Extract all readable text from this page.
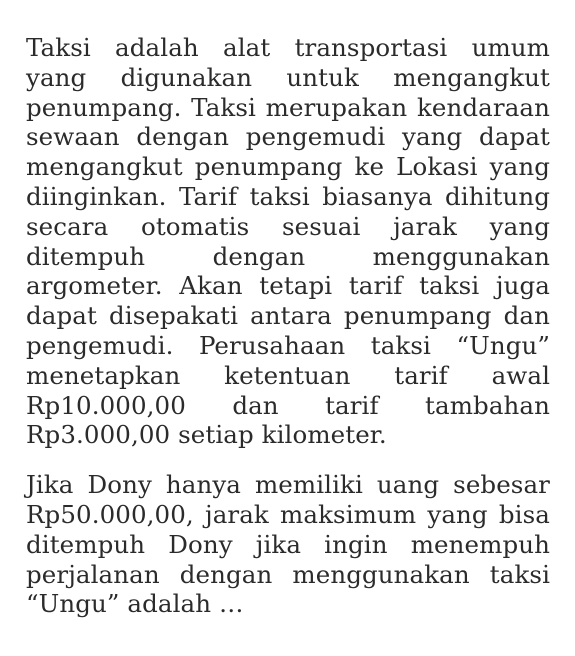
Taksi adalah alat transportasi umum yang digunakan untuk mengangkut penumpang. Taksi merupakan kendaraan sewaan dengan pengemudi yang dapat mengangkut penumpang ke Lokasi yang diinginkan. Tarif taksi biasanya dihitung secara otomatis sesuai jarak yang ditempuh dengan menggunakan argometer. Akan tetapi tarif taksi juga dapat disepakati antara penumpang dan pengemudi. Perusahaan taksi “Ungu” menetapkan ketentuan tarif awal Rp10.000,00 dan tarif tambahan Rp3.000,00 setiap kilometer.

Jika Dony hanya memiliki uang sebesar Rp50.000,00, jarak maksimum yang bisa ditempuh Dony jika ingin menempuh perjalanan dengan menggunakan taksi “Ungu” adalah …
